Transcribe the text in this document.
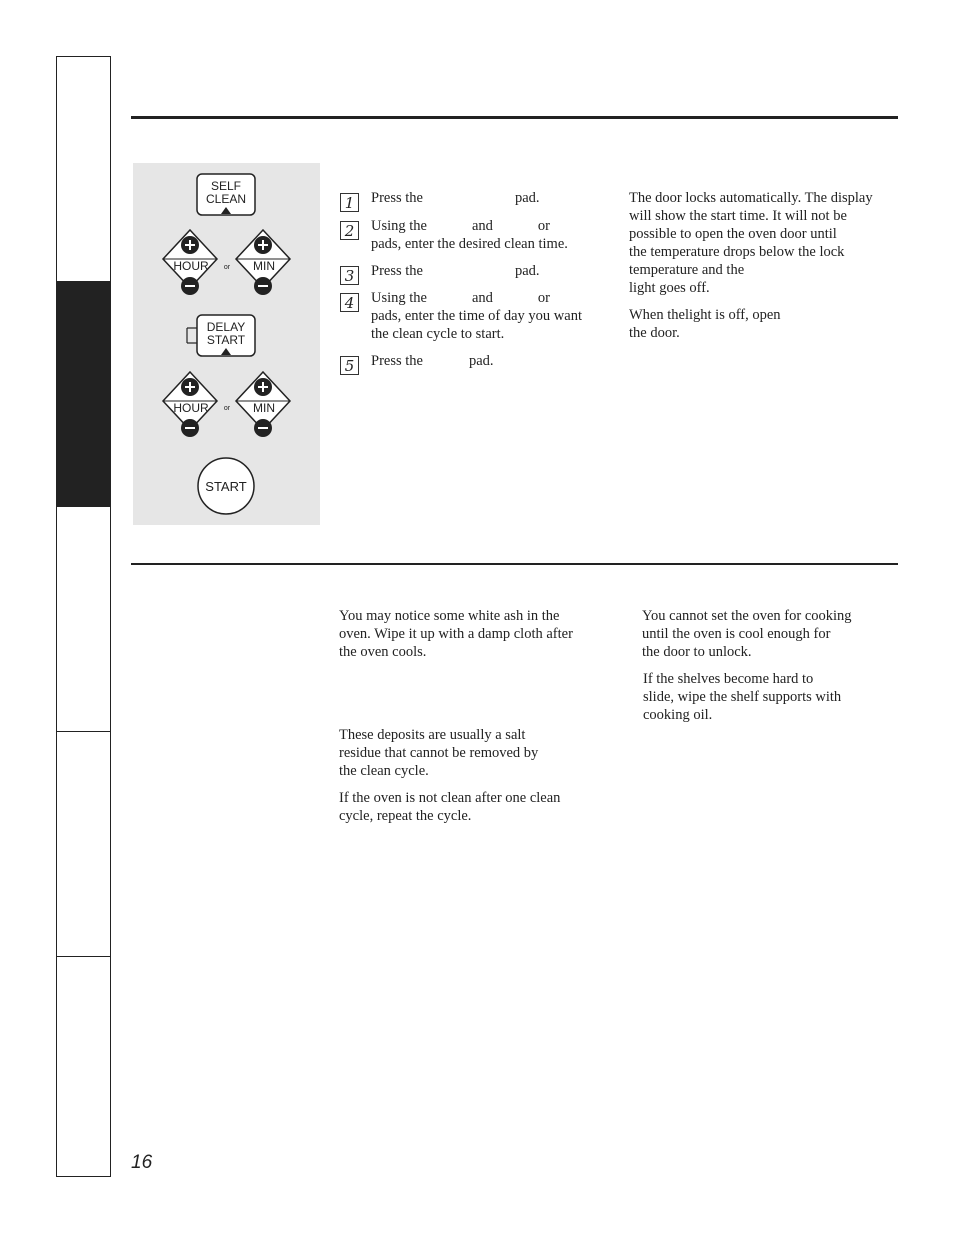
SELF
CLEAN
HOUR or MIN
DELAY
START
HOUR or MIN
START
1	Press the	pad.
2	Using the	and	or
pads, enter the desired clean time.
3	Press the	pad.
4	Using the	and	or
pads, enter the time of day you want
the clean cycle to start.
5	Press the	pad.
The door locks automatically. The display
will show the start time. It will not be
possible to open the oven door until
the temperature drops below the lock
temperature and the
light goes off.
When thelight is off, open
the door.
You may notice some white ash in the
oven. Wipe it up with a damp cloth after
the oven cools.
These deposits are usually a salt
residue that cannot be removed by
the clean cycle.
If the oven is not clean after one clean
cycle, repeat the cycle.
You cannot set the oven for cooking
until the oven is cool enough for
the door to unlock.
If the shelves become hard to
slide, wipe the shelf supports with
cooking oil.
16
